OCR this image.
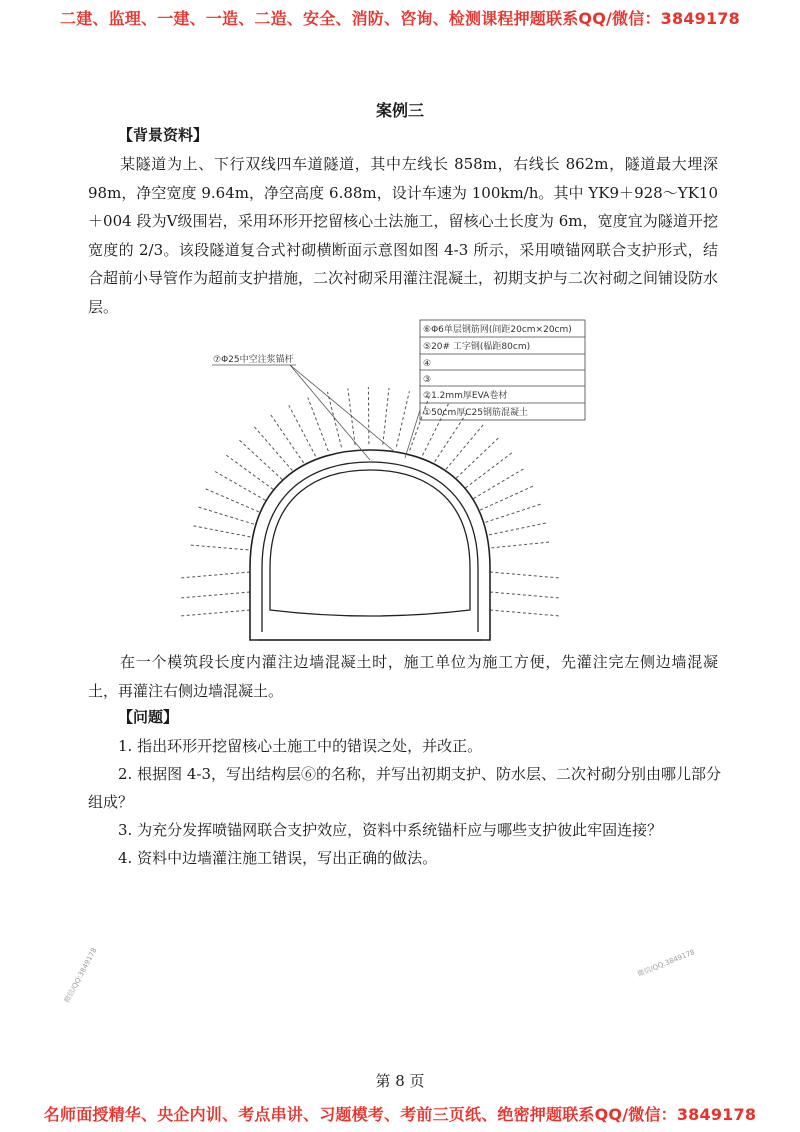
二建、监理、一建、一造、二造、安全、消防、咨询、检测课程押题联系QQ/微信：3849178
案例三
【背景资料】

某隧道为上、下行双线四车道隧道，其中左线长 858m，右线长 862m，隧道最大埋深 98m，净空宽度 9.64m，净空高度 6.88m，设计车速为 100km/h。其中 YK9＋928～YK10＋004 段为Ⅴ级围岩，采用环形开挖留核心土法施工，留核心土长度为 6m，宽度宜为隧道开挖宽度的 2/3。该段隧道复合式衬砌横断面示意图如图 4-3 所示，采用喷锚网联合支护形式，结合超前小导管作为超前支护措施，二次衬砌采用灌注混凝土，初期支护与二次衬砌之间铺设防水层。

⑦Φ25中空注浆锚杆
⑥Φ6单层钢筋网(间距20cm×20cm)
⑤20# 工字钢(榀距80cm)
④
③
②1.2mm厚EVA卷材
①50cm厚C25钢筋混凝土

在一个模筑段长度内灌注边墙混凝土时，施工单位为施工方便，先灌注完左侧边墙混凝土，再灌注右侧边墙混凝土。

【问题】

1. 指出环形开挖留核心土施工中的错误之处，并改正。

2. 根据图 4-3，写出结构层⑥的名称，并写出初期支护、防水层、二次衬砌分别由哪儿部分组成？

3. 为充分发挥喷锚网联合支护效应，资料中系统锚杆应与哪些支护彼此牢固连接？

4. 资料中边墙灌注施工错误，写出正确的做法。

微信/QQ:3849178	微信/QQ:3849178
第 8 页
名师面授精华、央企内训、考点串讲、习题模考、考前三页纸、绝密押题联系QQ/微信：3849178
